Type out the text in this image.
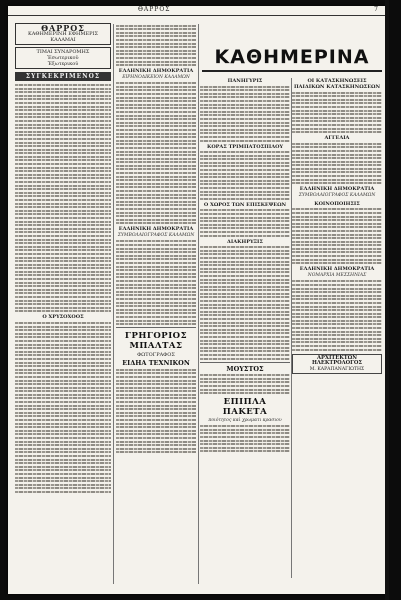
ΘΑΡΡΟΣ	7
ΚΑΘΗΜΕΡΙΝΑ
ΘΑΡΡΟΣ
ΚΑΘΗΜΕΡΙΝΗ ΕΦΗΜΕΡΙΣ
ΚΑΛΑΜΑΙ
ΤΙΜΑΙ ΣΥΝΔΡΟΜΗΣ
Ἐσωτερικοῦ
Ἐξωτερικοῦ
ΣΥΓΚΕΚΡΙΜΕΝΟΣ
Ο ΧΡΥΣΟΧΟΟΣ
ΕΛΛΗΝΙΚΗ ΔΗΜΟΚΡΑΤΙΑ
ΕΙΡΗΝΟΔΙΚΕΙΟΝ ΚΑΛΑΜΩΝ
ΕΛΛΗΝΙΚΗ ΔΗΜΟΚΡΑΤΙΑ
ΣΥΜΒΟΛΑΙΟΓΡΑΦΟΣ ΚΑΛΑΜΩΝ
ΓΡΗΓΟΡΙΟΣ ΜΠΑΛΤΑΣ
ΦΩΤΟΓΡΑΦΟΣ
ΕΙΔΗΑ ΤΕΧΝΙΚΟΝ
ΠΑΝΗΓΥΡΙΣ
ΚΟΡΑΣ ΤΡΙΜΠΑΤΟΣΠΙΛΟΥ
Ο ΧΩΡΟΣ ΤΩΝ ΕΠΙΣΚΕΨΕΩΝ
ΔΙΑΚΗΡΥΞΙΣ
ΜΟΥΣΤΟΣ
ΕΠΙΠΛΑ ΠΑΚΕΤΑ
ποιότητος καὶ χρωματι κρασιου
ΟΙ ΚΑΤΑΣΚΗΝΩΣΕΙΣ ΠΑΙΔΙΚΩΝ ΚΑΤΑΣΚΗΝΩΣΕΩΝ
ΑΓΓΕΛΙΑ
ΕΛΛΗΝΙΚΗ ΔΗΜΟΚΡΑΤΙΑ
ΣΥΜΒΟΛΑΙΟΓΡΑΦΟΣ ΚΑΛΑΜΩΝ
ΚΟΙΝΟΠΟΙΗΣΙΣ
ΕΛΛΗΝΙΚΗ ΔΗΜΟΚΡΑΤΙΑ
ΝΟΜΑΡΧΙΑ ΜΕΣΣΗΝΙΑΣ
ΑΡΧΙΤΕΚΤΩΝ ΗΛΕΚΤΡΟΛΟΓΟΣ
Μ. ΚΑΡΑΠΑΝΑΓΙΩΤΗΣ
